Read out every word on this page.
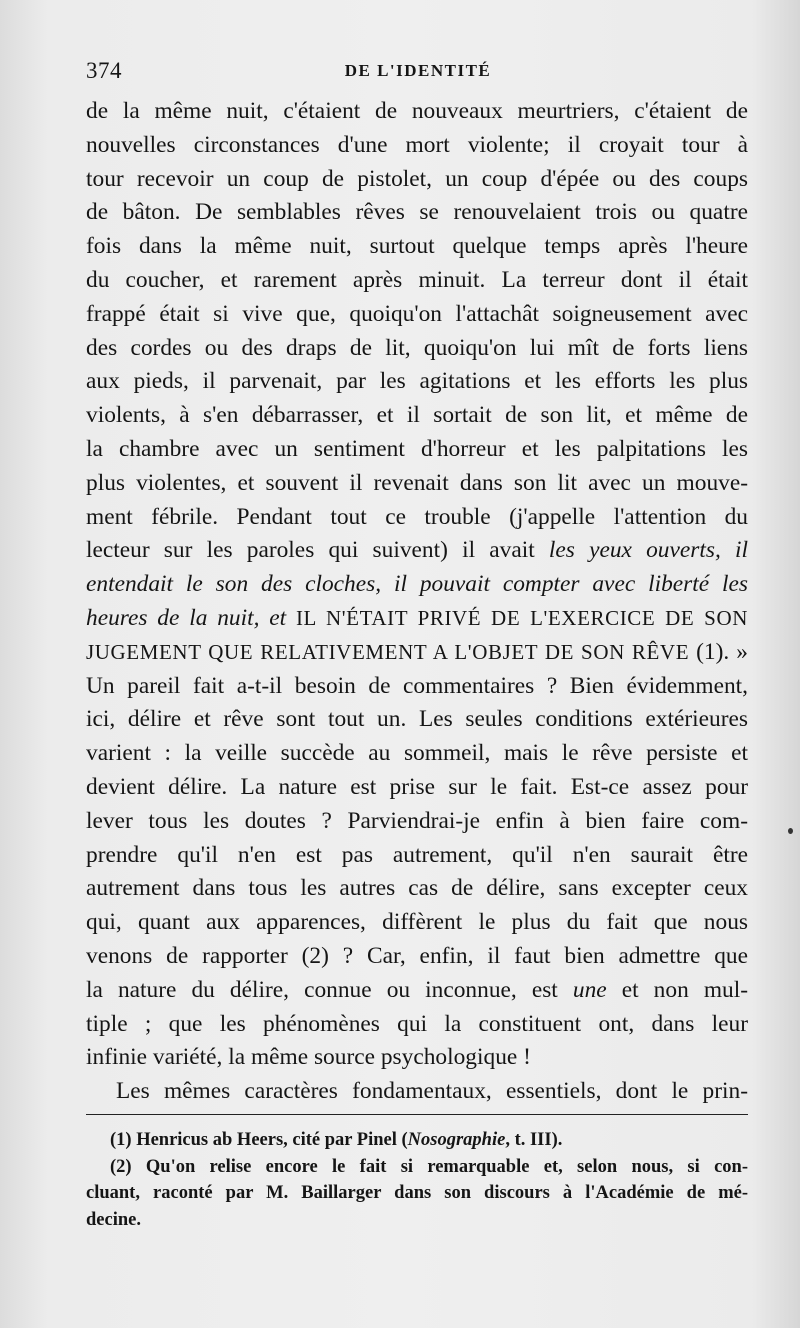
374	DE L'IDENTITÉ
de la même nuit, c'étaient de nouveaux meurtriers, c'étaient de
nouvelles circonstances d'une mort violente; il croyait tour à
tour recevoir un coup de pistolet, un coup d'épée ou des coups
de bâton. De semblables rêves se renouvelaient trois ou quatre
fois dans la même nuit, surtout quelque temps après l'heure
du coucher, et rarement après minuit. La terreur dont il était
frappé était si vive que, quoiqu'on l'attachât soigneusement avec
des cordes ou des draps de lit, quoiqu'on lui mît de forts liens
aux pieds, il parvenait, par les agitations et les efforts les plus
violents, à s'en débarrasser, et il sortait de son lit, et même de
la chambre avec un sentiment d'horreur et les palpitations les
plus violentes, et souvent il revenait dans son lit avec un mouve-
ment fébrile. Pendant tout ce trouble (j'appelle l'attention du
lecteur sur les paroles qui suivent) il avait les yeux ouverts, il
entendait le son des cloches, il pouvait compter avec liberté les
heures de la nuit, et IL N'ÉTAIT PRIVÉ DE L'EXERCICE DE SON
JUGEMENT QUE RELATIVEMENT A L'OBJET DE SON RÊVE (1). »
Un pareil fait a-t-il besoin de commentaires ? Bien évidemment,
ici, délire et rêve sont tout un. Les seules conditions extérieures
varient : la veille succède au sommeil, mais le rêve persiste et
devient délire. La nature est prise sur le fait. Est-ce assez pour
lever tous les doutes ? Parviendrai-je enfin à bien faire com-
prendre qu'il n'en est pas autrement, qu'il n'en saurait être
autrement dans tous les autres cas de délire, sans excepter ceux
qui, quant aux apparences, diffèrent le plus du fait que nous
venons de rapporter (2) ? Car, enfin, il faut bien admettre que
la nature du délire, connue ou inconnue, est une et non mul-
tiple ; que les phénomènes qui la constituent ont, dans leur
infinie variété, la même source psychologique !
Les mêmes caractères fondamentaux, essentiels, dont le prin-
(1) Henricus ab Heers, cité par Pinel (Nosographie, t. III).
(2) Qu'on relise encore le fait si remarquable et, selon nous, si con-
cluant, raconté par M. Baillarger dans son discours à l'Académie de mé-
decine.
